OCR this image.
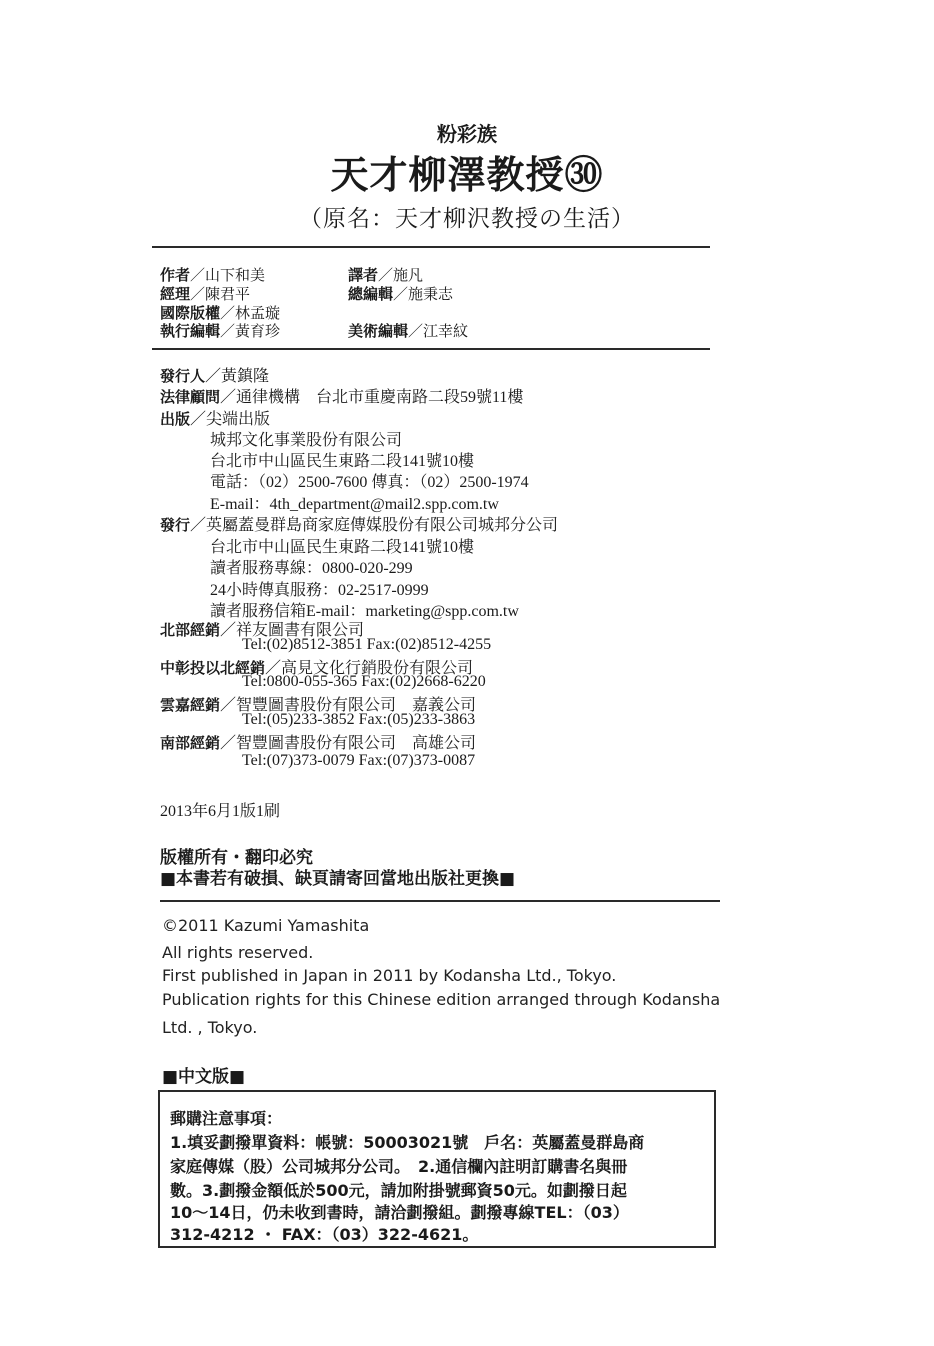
粉彩族
天才柳澤教授㉚
（原名：天才柳沢教授の生活）
作者／山下和美	譯者／施凡
經理／陳君平	總編輯／施秉志
國際版權／林孟璇
執行編輯／黃育珍	美術編輯／江幸紋
發行人／黃鎮隆
法律顧問／通律機構　台北市重慶南路二段59號11樓
出版／尖端出版
城邦文化事業股份有限公司
台北市中山區民生東路二段141號10樓
電話：（02）2500-7600 傳真：（02）2500-1974
E-mail：4th_department@mail2.spp.com.tw
發行／英屬蓋曼群島商家庭傳媒股份有限公司城邦分公司
台北市中山區民生東路二段141號10樓
讀者服務專線：0800-020-299
24小時傳真服務：02-2517-0999
讀者服務信箱E-mail：marketing@spp.com.tw
北部經銷／祥友圖書有限公司
Tel:(02)8512-3851 Fax:(02)8512-4255
中彰投以北經銷／高見文化行銷股份有限公司
Tel:0800-055-365 Fax:(02)2668-6220
雲嘉經銷／智豐圖書股份有限公司　嘉義公司
Tel:(05)233-3852 Fax:(05)233-3863
南部經銷／智豐圖書股份有限公司　高雄公司
Tel:(07)373-0079 Fax:(07)373-0087
2013年6月1版1刷
版權所有・翻印必究
■本書若有破損、缺頁請寄回當地出版社更換■
©2011 Kazumi Yamashita
All rights reserved.
First published in Japan in 2011 by Kodansha Ltd., Tokyo.
Publication rights for this Chinese edition arranged through Kodansha
Ltd. , Tokyo.
■中文版■
郵購注意事項：
1.填妥劃撥單資料：帳號：50003021號　戶名：英屬蓋曼群島商
家庭傳媒（股）公司城邦分公司。　2.通信欄內註明訂購書名與冊
數。3.劃撥金額低於500元，請加附掛號郵資50元。如劃撥日起
10～14日，仍未收到書時，請洽劃撥組。劃撥專線TEL：（03）
312-4212 ・ FAX：（03）322-4621。
